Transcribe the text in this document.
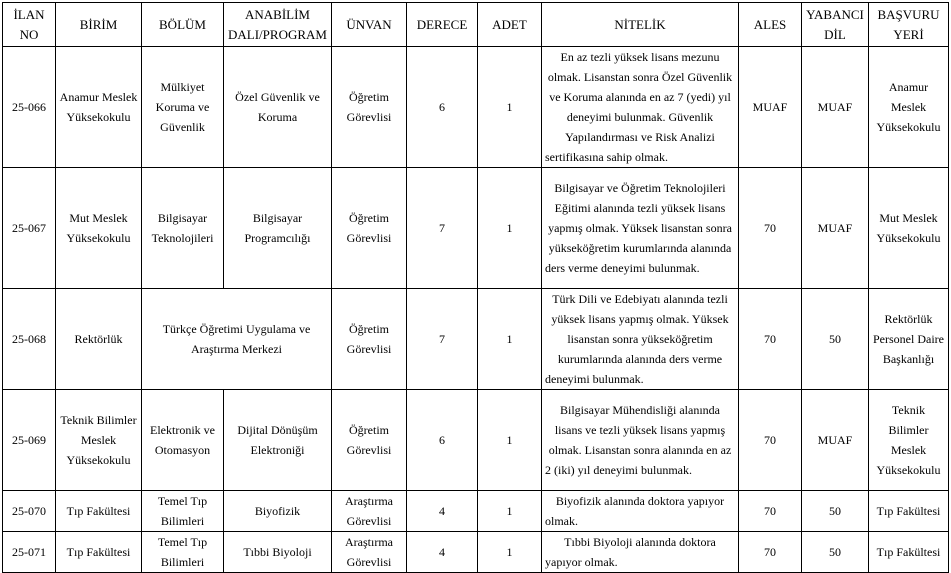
İLAN NO	BİRİM	BÖLÜM	ANABİLİM DALI/PROGRAM	ÜNVAN	DERECE	ADET	NİTELİK	ALES	YABANCI DİL	BAŞVURU YERİ
25-066	Anamur Meslek Yüksekokulu	Mülkiyet Koruma ve Güvenlik	Özel Güvenlik ve Koruma	Öğretim Görevlisi	6	1	En az tezli yüksek lisans mezunu olmak. Lisanstan sonra Özel Güvenlik ve Koruma alanında en az 7 (yedi) yıl deneyimi bulunmak. Güvenlik Yapılandırması ve Risk Analizi sertifikasına sahip olmak.	MUAF	MUAF	Anamur Meslek Yüksekokulu
25-067	Mut Meslek Yüksekokulu	Bilgisayar Teknolojileri	Bilgisayar Programcılığı	Öğretim Görevlisi	7	1	Bilgisayar ve Öğretim Teknolojileri Eğitimi alanında tezli yüksek lisans yapmış olmak. Yüksek lisanstan sonra yükseköğretim kurumlarında alanında ders verme deneyimi bulunmak.	70	MUAF	Mut Meslek Yüksekokulu
25-068	Rektörlük	Türkçe Öğretimi Uygulama ve Araştırma Merkezi		Öğretim Görevlisi	7	1	Türk Dili ve Edebiyatı alanında tezli yüksek lisans yapmış olmak. Yüksek lisanstan sonra yükseköğretim kurumlarında alanında ders verme deneyimi bulunmak.	70	50	Rektörlük Personel Daire Başkanlığı
25-069	Teknik Bilimler Meslek Yüksekokulu	Elektronik ve Otomasyon	Dijital Dönüşüm Elektroniği	Öğretim Görevlisi	6	1	Bilgisayar Mühendisliği alanında lisans ve tezli yüksek lisans yapmış olmak. Lisanstan sonra alanında en az 2 (iki) yıl deneyimi bulunmak.	70	MUAF	Teknik Bilimler Meslek Yüksekokulu
25-070	Tıp Fakültesi	Temel Tıp Bilimleri	Biyofizik	Araştırma Görevlisi	4	1	Biyofizik alanında doktora yapıyor olmak.	70	50	Tıp Fakültesi
25-071	Tıp Fakültesi	Temel Tıp Bilimleri	Tıbbi Biyoloji	Araştırma Görevlisi	4	1	Tıbbi Biyoloji alanında doktora yapıyor olmak.	70	50	Tıp Fakültesi
